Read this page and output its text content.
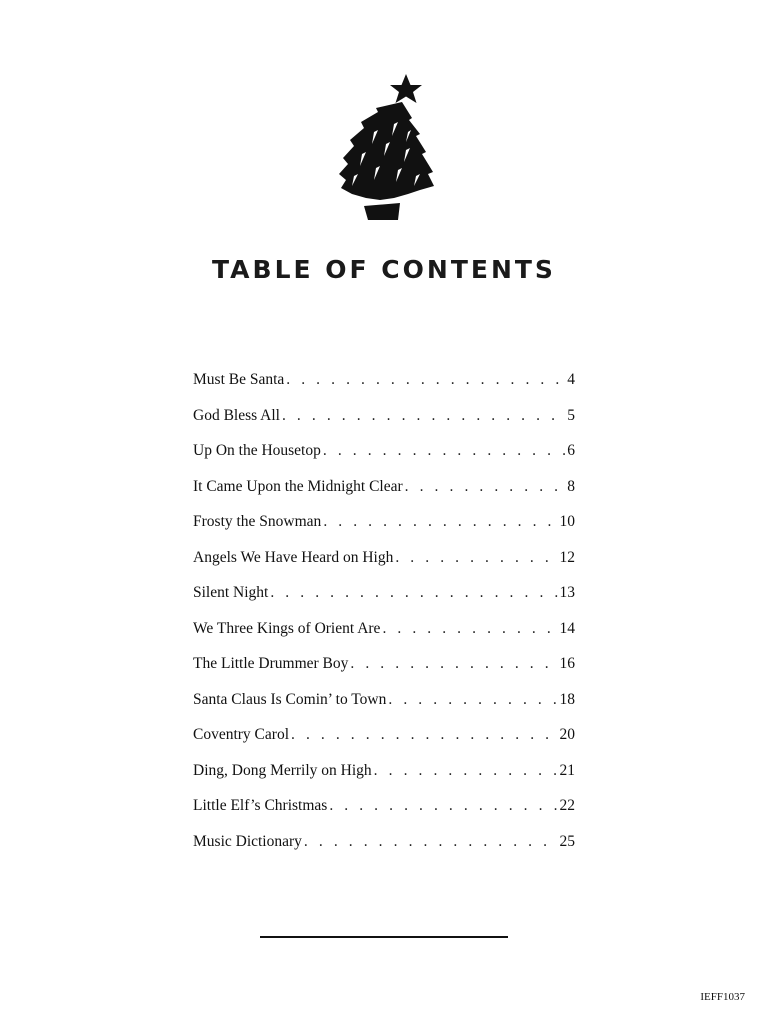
TABLE OF CONTENTS
Must Be Santa . . .	4
God Bless All . . .	5
Up On the Housetop . . .	6
It Came Upon the Midnight Clear . . .	8
Frosty the Snowman . . .	10
Angels We Have Heard on High . . .	12
Silent Night . . .	13
We Three Kings of Orient Are . . .	14
The Little Drummer Boy . . .	16
Santa Claus Is Comin’ to Town . . .	18
Coventry Carol . . .	20
Ding, Dong Merrily on High . . .	21
Little Elf’s Christmas . . .	22
Music Dictionary . . .	25
IEFF1037
